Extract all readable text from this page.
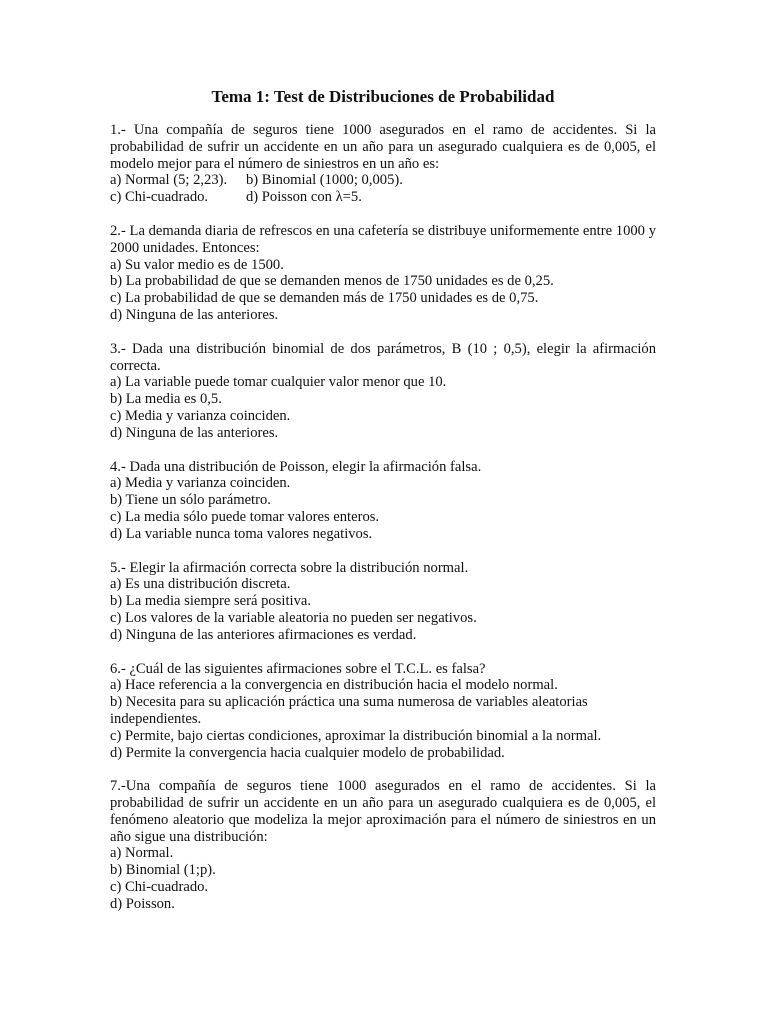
Tema 1: Test de Distribuciones de Probabilidad
1.- Una compañía de seguros tiene 1000 asegurados en el ramo de accidentes. Si la probabilidad de sufrir un accidente en un año para un asegurado cualquiera es de 0,005, el modelo mejor para el número de siniestros en un año es:
a) Normal (5; 2,23). b) Binomial (1000; 0,005).
c) Chi-cuadrado.	d) Poisson con λ=5.
2.- La demanda diaria de refrescos en una cafetería se distribuye uniformemente entre 1000 y 2000 unidades. Entonces:
a) Su valor medio es de 1500.
b) La probabilidad de que se demanden menos de 1750 unidades es de 0,25.
c) La probabilidad de que se demanden más de 1750 unidades es de 0,75.
d) Ninguna de las anteriores.
3.- Dada una distribución binomial de dos parámetros, B (10 ; 0,5), elegir la afirmación correcta.
a) La variable puede tomar cualquier valor menor que 10.
b) La media es 0,5.
c) Media y varianza coinciden.
d) Ninguna de las anteriores.
4.- Dada una distribución de Poisson, elegir la afirmación falsa.
a) Media y varianza coinciden.
b) Tiene un sólo parámetro.
c) La media sólo puede tomar valores enteros.
d) La variable nunca toma valores negativos.
5.- Elegir la afirmación correcta sobre la distribución normal.
a) Es una distribución discreta.
b) La media siempre será positiva.
c) Los valores de la variable aleatoria no pueden ser negativos.
d) Ninguna de las anteriores afirmaciones es verdad.
6.- ¿Cuál de las siguientes afirmaciones sobre el T.C.L. es falsa?
a) Hace referencia a la convergencia en distribución hacia el modelo normal.
b) Necesita para su aplicación práctica una suma numerosa de variables aleatorias independientes.
c) Permite, bajo ciertas condiciones, aproximar la distribución binomial a la normal.
d) Permite la convergencia hacia cualquier modelo de probabilidad.
7.-Una compañía de seguros tiene 1000 asegurados en el ramo de accidentes. Si la probabilidad de sufrir un accidente en un año para un asegurado cualquiera es de 0,005, el fenómeno aleatorio que modeliza la mejor aproximación para el número de siniestros en un año sigue una distribución:
a) Normal.
b) Binomial (1;p).
c) Chi-cuadrado.
d) Poisson.
